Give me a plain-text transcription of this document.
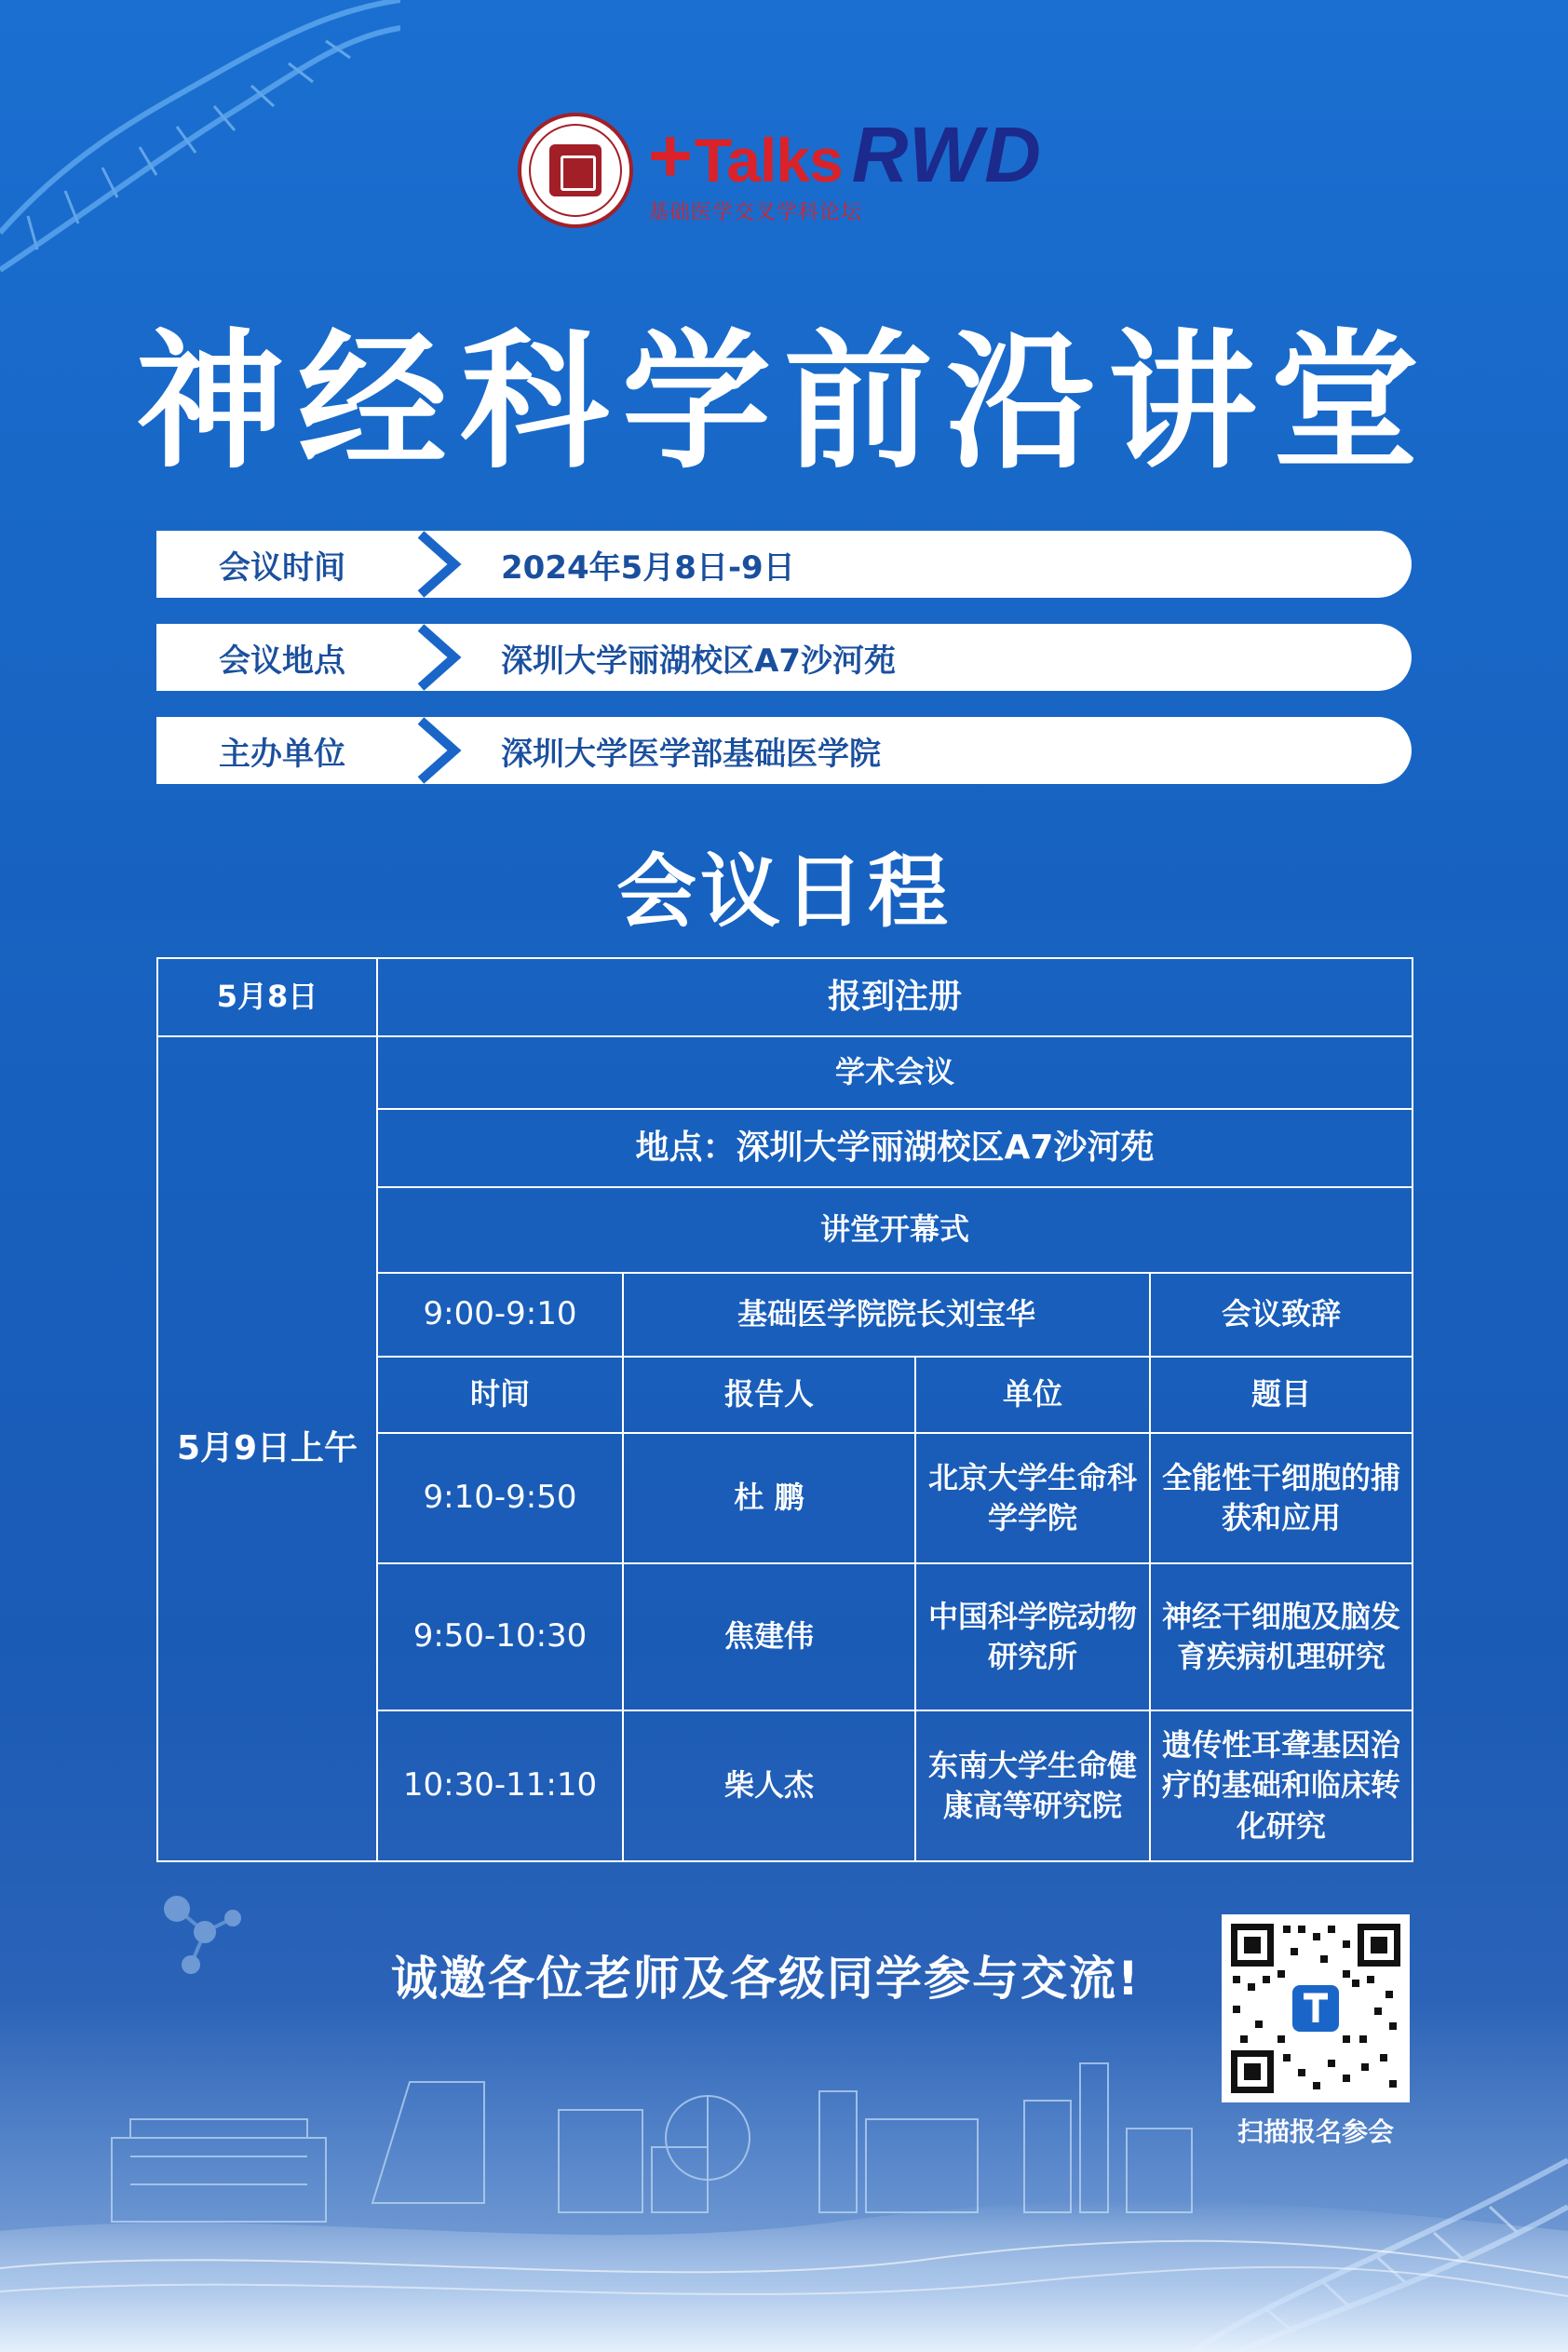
+ Talks RWD
基础医学交叉学科论坛
神经科学前沿讲堂
会议时间	2024年5月8日-9日
会议地点	深圳大学丽湖校区A7沙河苑
主办单位	深圳大学医学部基础医学院
会议日程
5月8日	报到注册			
5月9日上午	学术会议			
	地点：深圳大学丽湖校区A7沙河苑			
	讲堂开幕式			
	9:00-9:10	基础医学院院长刘宝华		会议致辞
	时间	报告人	单位	题目
	9:10-9:50	杜 鹏	北京大学生命科学学院	全能性干细胞的捕获和应用
	9:50-10:30	焦建伟	中国科学院动物研究所	神经干细胞及脑发育疾病机理研究
	10:30-11:10	柴人杰	东南大学生命健康高等研究院	遗传性耳聋基因治疗的基础和临床转化研究
诚邀各位老师及各级同学参与交流!
扫描报名参会
